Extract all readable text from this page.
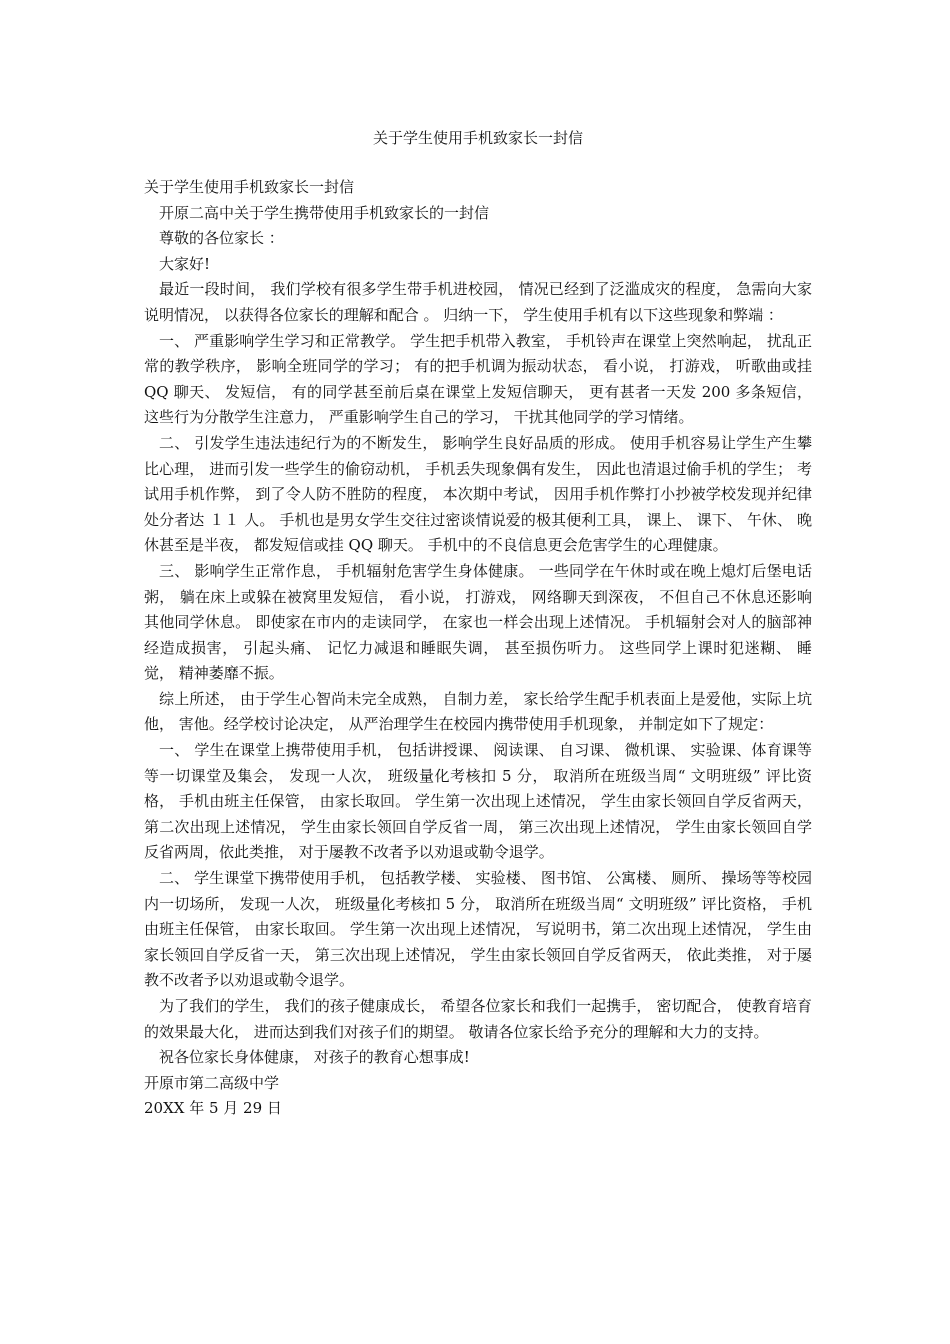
关于学生使用手机致家长一封信

关于学生使用手机致家长一封信

开原二高中关于学生携带使用手机致家长的一封信

尊敬的各位家长 ：

大家好!

最近一段时间， 我们学校有很多学生带手机进校园， 情况已经到了泛滥成灾的程度， 急需向大家说明情况， 以获得各位家长的理解和配合 。 归纳一下， 学生使用手机有以下这些现象和弊端 ：

一、 严重影响学生学习和正常教学。 学生把手机带入教室， 手机铃声在课堂上突然响起， 扰乱正常的教学秩序， 影响全班同学的学习； 有的把手机调为振动状态， 看小说， 打游戏， 听歌曲或挂 QQ 聊天、 发短信， 有的同学甚至前后桌在课堂上发短信聊天， 更有甚者一天发 200 多条短信， 这些行为分散学生注意力， 严重影响学生自己的学习， 干扰其他同学的学习情绪。

二、 引发学生违法违纪行为的不断发生， 影响学生良好品质的形成。 使用手机容易让学生产生攀比心理， 进而引发一些学生的偷窃动机， 手机丢失现象偶有发生， 因此也清退过偷手机的学生； 考试用手机作弊， 到了令人防不胜防的程度， 本次期中考试， 因用手机作弊打小抄被学校发现并纪律处分者达 １１ 人。 手机也是男女学生交往过密谈情说爱的极其便利工具， 课上、 课下、 午休、 晚休甚至是半夜， 都发短信或挂 QQ 聊天。 手机中的不良信息更会危害学生的心理健康。

三、 影响学生正常作息， 手机辐射危害学生身体健康。 一些同学在午休时或在晚上熄灯后堡电话粥， 躺在床上或躲在被窝里发短信， 看小说， 打游戏， 网络聊天到深夜， 不但自己不休息还影响其他同学休息。 即使家在市内的走读同学， 在家也一样会出现上述情况。 手机辐射会对人的脑部神经造成损害， 引起头痛、 记忆力减退和睡眠失调， 甚至损伤听力。 这些同学上课时犯迷糊、 睡觉， 精神萎靡不振。

综上所述， 由于学生心智尚未完全成熟， 自制力差， 家长给学生配手机表面上是爱他，实际上坑他， 害他。经学校讨论决定， 从严治理学生在校园内携带使用手机现象， 并制定如下了规定：

一、 学生在课堂上携带使用手机， 包括讲授课、 阅读课、 自习课、 微机课、 实验课、体育课等等一切课堂及集会， 发现一人次， 班级量化考核扣 5 分， 取消所在班级当周“ 文明班级” 评比资格， 手机由班主任保管， 由家长取回。 学生第一次出现上述情况， 学生由家长领回自学反省两天， 第二次出现上述情况， 学生由家长领回自学反省一周， 第三次出现上述情况， 学生由家长领回自学反省两周，依此类推， 对于屡教不改者予以劝退或勒令退学。

二、 学生课堂下携带使用手机， 包括教学楼、 实验楼、 图书馆、 公寓楼、 厕所、 操场等等校园内一切场所， 发现一人次， 班级量化考核扣 5 分， 取消所在班级当周“ 文明班级” 评比资格， 手机由班主任保管， 由家长取回。 学生第一次出现上述情况， 写说明书，第二次出现上述情况， 学生由家长领回自学反省一天， 第三次出现上述情况， 学生由家长领回自学反省两天， 依此类推， 对于屡教不改者予以劝退或勒令退学。

为了我们的学生， 我们的孩子健康成长， 希望各位家长和我们一起携手， 密切配合， 使教育培育的效果最大化， 进而达到我们对孩子们的期望。 敬请各位家长给予充分的理解和大力的支持。

祝各位家长身体健康， 对孩子的教育心想事成!

开原市第二高级中学

20XX 年 5 月 29 日
